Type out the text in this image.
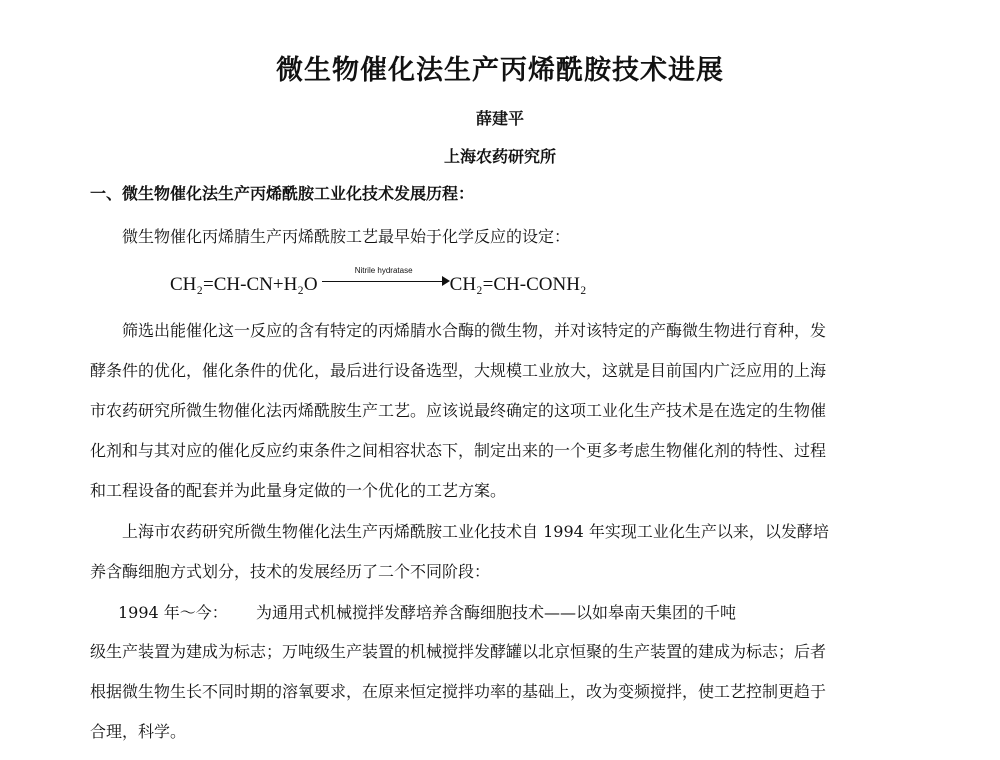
微生物催化法生产丙烯酰胺技术进展
薛建平
上海农药研究所
一、微生物催化法生产丙烯酰胺工业化技术发展历程：
微生物催化丙烯腈生产丙烯酰胺工艺最早始于化学反应的设定：
CH₂=CH-CN+H₂O
Nitrile hydratase
CH₂=CH-CONH₂
筛选出能催化这一反应的含有特定的丙烯腈水合酶的微生物，并对该特定的产酶微生物进行育种，发
酵条件的优化，催化条件的优化，最后进行设备选型，大规模工业放大，这就是目前国内广泛应用的上海
市农药研究所微生物催化法丙烯酰胺生产工艺。应该说最终确定的这项工业化生产技术是在选定的生物催
化剂和与其对应的催化反应约束条件之间相容状态下，制定出来的一个更多考虑生物催化剂的特性、过程
和工程设备的配套并为此量身定做的一个优化的工艺方案。
上海市农药研究所微生物催化法生产丙烯酰胺工业化技术自 1994 年实现工业化生产以来，以发酵培
养含酶细胞方式划分，技术的发展经历了二个不同阶段：
1994 年～今： 为通用式机械搅拌发酵培养含酶细胞技术——以如皋南天集团的千吨
级生产装置为建成为标志；万吨级生产装置的机械搅拌发酵罐以北京恒聚的生产装置的建成为标志；后者
根据微生物生长不同时期的溶氧要求，在原来恒定搅拌功率的基础上，改为变频搅拌，使工艺控制更趋于
合理，科学。
